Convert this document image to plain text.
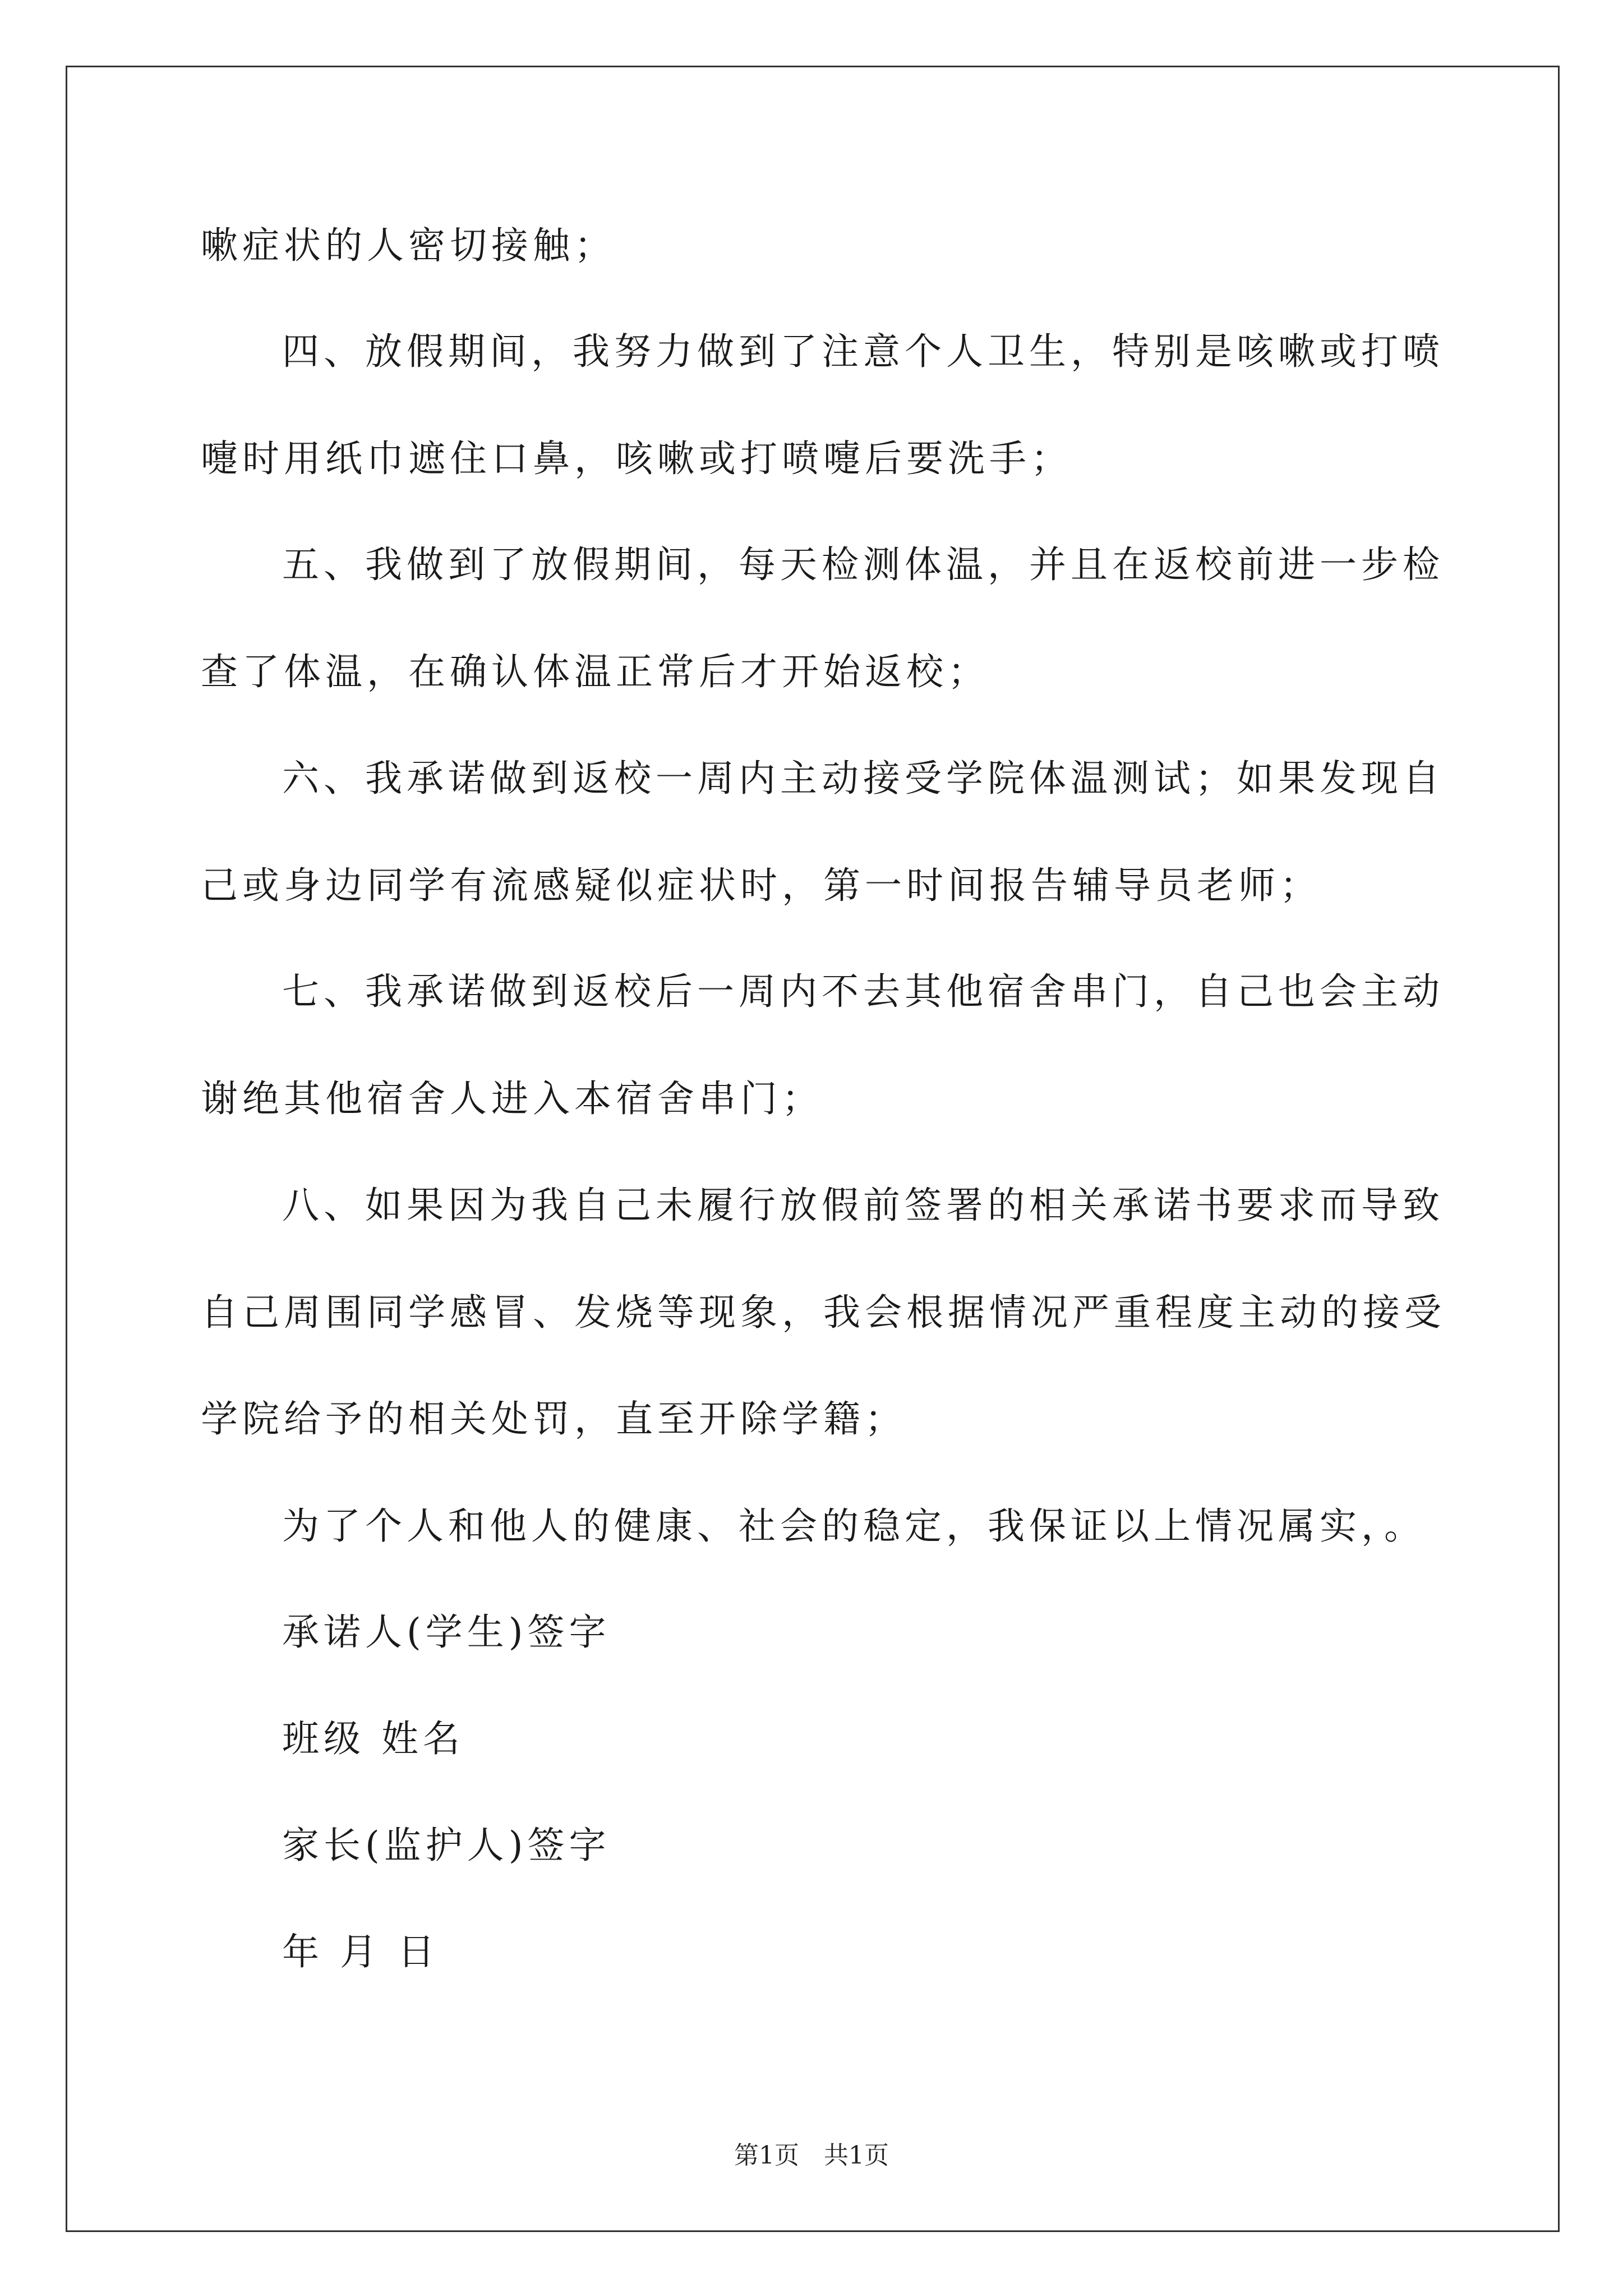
嗽症状的人密切接触；
四、放假期间，我努力做到了注意个人卫生，特别是咳嗽或打喷
嚏时用纸巾遮住口鼻，咳嗽或打喷嚏后要洗手；
五、我做到了放假期间，每天检测体温，并且在返校前进一步检
查了体温，在确认体温正常后才开始返校；
六、我承诺做到返校一周内主动接受学院体温测试；如果发现自
己或身边同学有流感疑似症状时，第一时间报告辅导员老师；
七、我承诺做到返校后一周内不去其他宿舍串门，自己也会主动
谢绝其他宿舍人进入本宿舍串门；
八、如果因为我自己未履行放假前签署的相关承诺书要求而导致
自己周围同学感冒、发烧等现象，我会根据情况严重程度主动的接受
学院给予的相关处罚，直至开除学籍；
为了个人和他人的健康、社会的稳定，我保证以上情况属实，。
承诺人(学生)签字
班级 姓名
家长(监护人)签字
年 月 日
第1页　共1页
